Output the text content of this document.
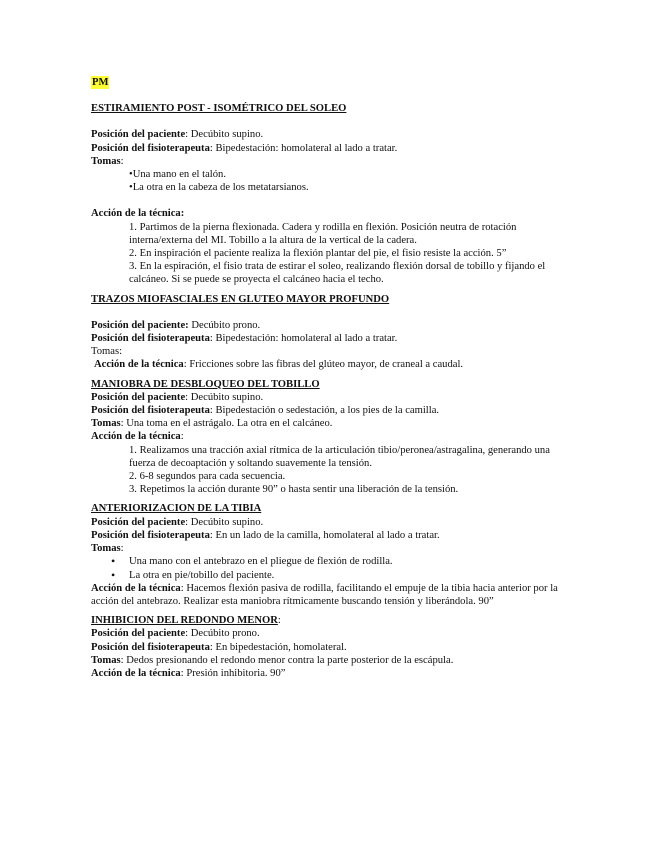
PM
ESTIRAMIENTO POST - ISOMÉTRICO DEL SOLEO
Posición del paciente: Decúbito supino.
Posición del fisioterapeuta: Bipedestación: homolateral al lado a tratar.
Tomas:
•Una mano en el talón.
•La otra en la cabeza de los metatarsianos.
Acción de la técnica:
1. Partimos de la pierna flexionada. Cadera y rodilla en flexión. Posición neutra de rotación interna/externa del MI. Tobillo a la altura de la vertical de la cadera.
2. En inspiración el paciente realiza la flexión plantar del pie, el fisio resiste la acción. 5”
3. En la espiración, el fisio trata de estirar el soleo, realizando flexión dorsal de tobillo y fijando el calcáneo. Si se puede se proyecta el calcáneo hacia el techo.
TRAZOS MIOFASCIALES EN GLUTEO MAYOR PROFUNDO
Posición del paciente: Decúbito prono.
Posición del fisioterapeuta: Bipedestación: homolateral al lado a tratar.
Tomas:
Acción de la técnica: Fricciones sobre las fibras del glúteo mayor, de craneal a caudal.
MANIOBRA DE DESBLOQUEO DEL TOBILLO
Posición del paciente: Decúbito supino.
Posición del fisioterapeuta: Bipedestación o sedestación, a los pies de la camilla.
Tomas: Una toma en el astrágalo. La otra en el calcáneo.
Acción de la técnica:
1. Realizamos una tracción axial rítmica de la articulación tibio/peronea/astragalina, generando una fuerza de decoaptación y soltando suavemente la tensión.
2. 6-8 segundos para cada secuencia.
3. Repetimos la acción durante 90” o hasta sentir una liberación de la tensión.
ANTERIORIZACION DE LA TIBIA
Posición del paciente: Decúbito supino.
Posición del fisioterapeuta: En un lado de la camilla, homolateral al lado a tratar.
Tomas:
• Una mano con el antebrazo en el pliegue de flexión de rodilla.
• La otra en pie/tobillo del paciente.
Acción de la técnica: Hacemos flexión pasiva de rodilla, facilitando el empuje de la tibia hacia anterior por la acción del antebrazo. Realizar esta maniobra rítmicamente buscando tensión y liberándola. 90”
INHIBICION DEL REDONDO MENOR:
Posición del paciente: Decúbito prono.
Posición del fisioterapeuta: En bipedestación, homolateral.
Tomas: Dedos presionando el redondo menor contra la parte posterior de la escápula.
Acción de la técnica: Presión inhibitoria. 90”
